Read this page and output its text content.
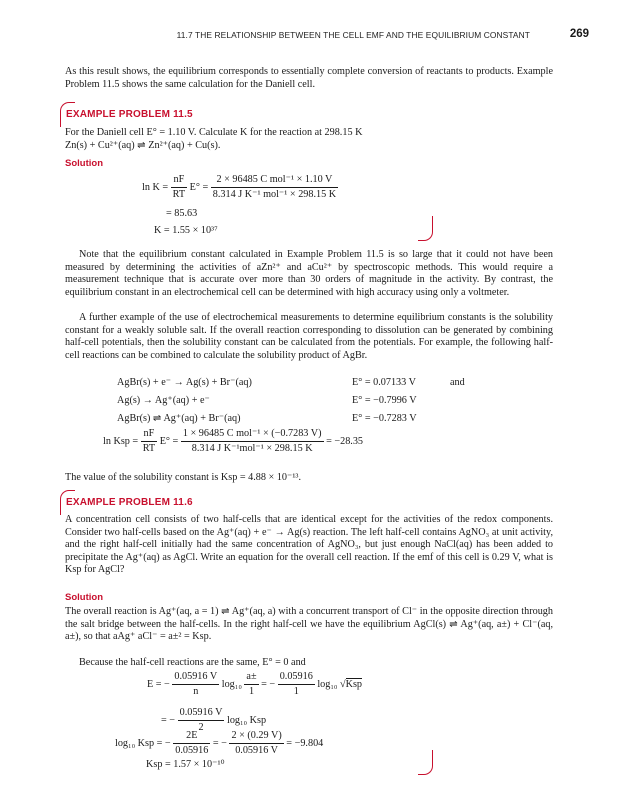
11.7 THE RELATIONSHIP BETWEEN THE CELL EMF AND THE EQUILIBRIUM CONSTANT	269
As this result shows, the equilibrium corresponds to essentially complete conversion of reactants to products. Example Problem 11.5 shows the same calculation for the Daniell cell.
EXAMPLE PROBLEM 11.5
For the Daniell cell E° = 1.10 V. Calculate K for the reaction at 298.15 K
Zn(s) + Cu²⁺(aq) ⇌ Zn²⁺(aq) + Cu(s).
Solution
$\ln K = \frac{nF}{RT} E^\circ = \frac{\text{2 × 96485 C mol⁻¹ × 1.10 V}}{\text{8.314 J K⁻¹ mol⁻¹ × 298.15 K}}$
= 85.63
K = 1.55 × 10³⁷
Note that the equilibrium constant calculated in Example Problem 11.5 is so large that it could not have been measured by determining the activities of aZn²⁺ and aCu²⁺ by spectroscopic methods. This would require a measurement technique that is accurate over more than 30 orders of magnitude in the activity. By contrast, the equilibrium constant in an electrochemical cell can be determined with high accuracy using only a voltmeter.
A further example of the use of electrochemical measurements to determine equilibrium constants is the solubility constant for a weakly soluble salt. If the overall reaction corresponding to dissolution can be generated by combining half-cell potentials, then the solubility constant can be calculated from the potentials. For example, the following half-cell reactions can be combined to calculate the solubility product of AgBr.
AgBr(s) + e⁻ → Ag(s) + Br⁻(aq)	E° = 0.07133 V	and
Ag(s) → Ag⁺(aq) + e⁻	E° = −0.7996 V
AgBr(s) ⇌ Ag⁺(aq) + Br⁻(aq)	E° = −0.7283 V
ln Ksp = $\frac{nF}{RT} E^\circ = \frac{\text{1 × 96485 C mol⁻¹ × (−0.7283 V)}}{\text{8.314 J K⁻¹mol⁻¹ × 298.15 K}} = -28.35$
The value of the solubility constant is Ksp = 4.88 × 10⁻¹³.
EXAMPLE PROBLEM 11.6
A concentration cell consists of two half-cells that are identical except for the activities of the redox components. Consider two half-cells based on the Ag⁺(aq) + e⁻ → Ag(s) reaction. The left half-cell contains AgNO₃ at unit activity, and the right half-cell initially had the same concentration of AgNO₃, but just enough NaCl(aq) has been added to precipitate the Ag⁺(aq) as AgCl. Write an equation for the overall cell reaction. If the emf of this cell is 0.29 V, what is Ksp for AgCl?
Solution
The overall reaction is Ag⁺(aq, a = 1) ⇌ Ag⁺(aq, a) with a concurrent transport of Cl⁻ in the opposite direction through the salt bridge between the half-cells. In the right half-cell we have the equilibrium AgCl(s) ⇌ Ag⁺(aq, a±) + Cl⁻(aq, a±), so that aAg⁺ aCl⁻ = a±² = Ksp.
Because the half-cell reactions are the same, E° = 0 and
E = − $\frac{0.05916 V}{n} \log_{10} \frac{a\pm}{1}$ = − $\frac{0.05916}{1} \log_{10}$ √Ksp
= − $\frac{0.05916 V}{2} \log_{10}$ Ksp
log₁₀ Ksp = − $\frac{2E}{0.05916}$ = − $\frac{2 \times (0.29 V)}{0.05916 V} = -9.804$
Ksp = 1.57 × 10⁻¹⁰
